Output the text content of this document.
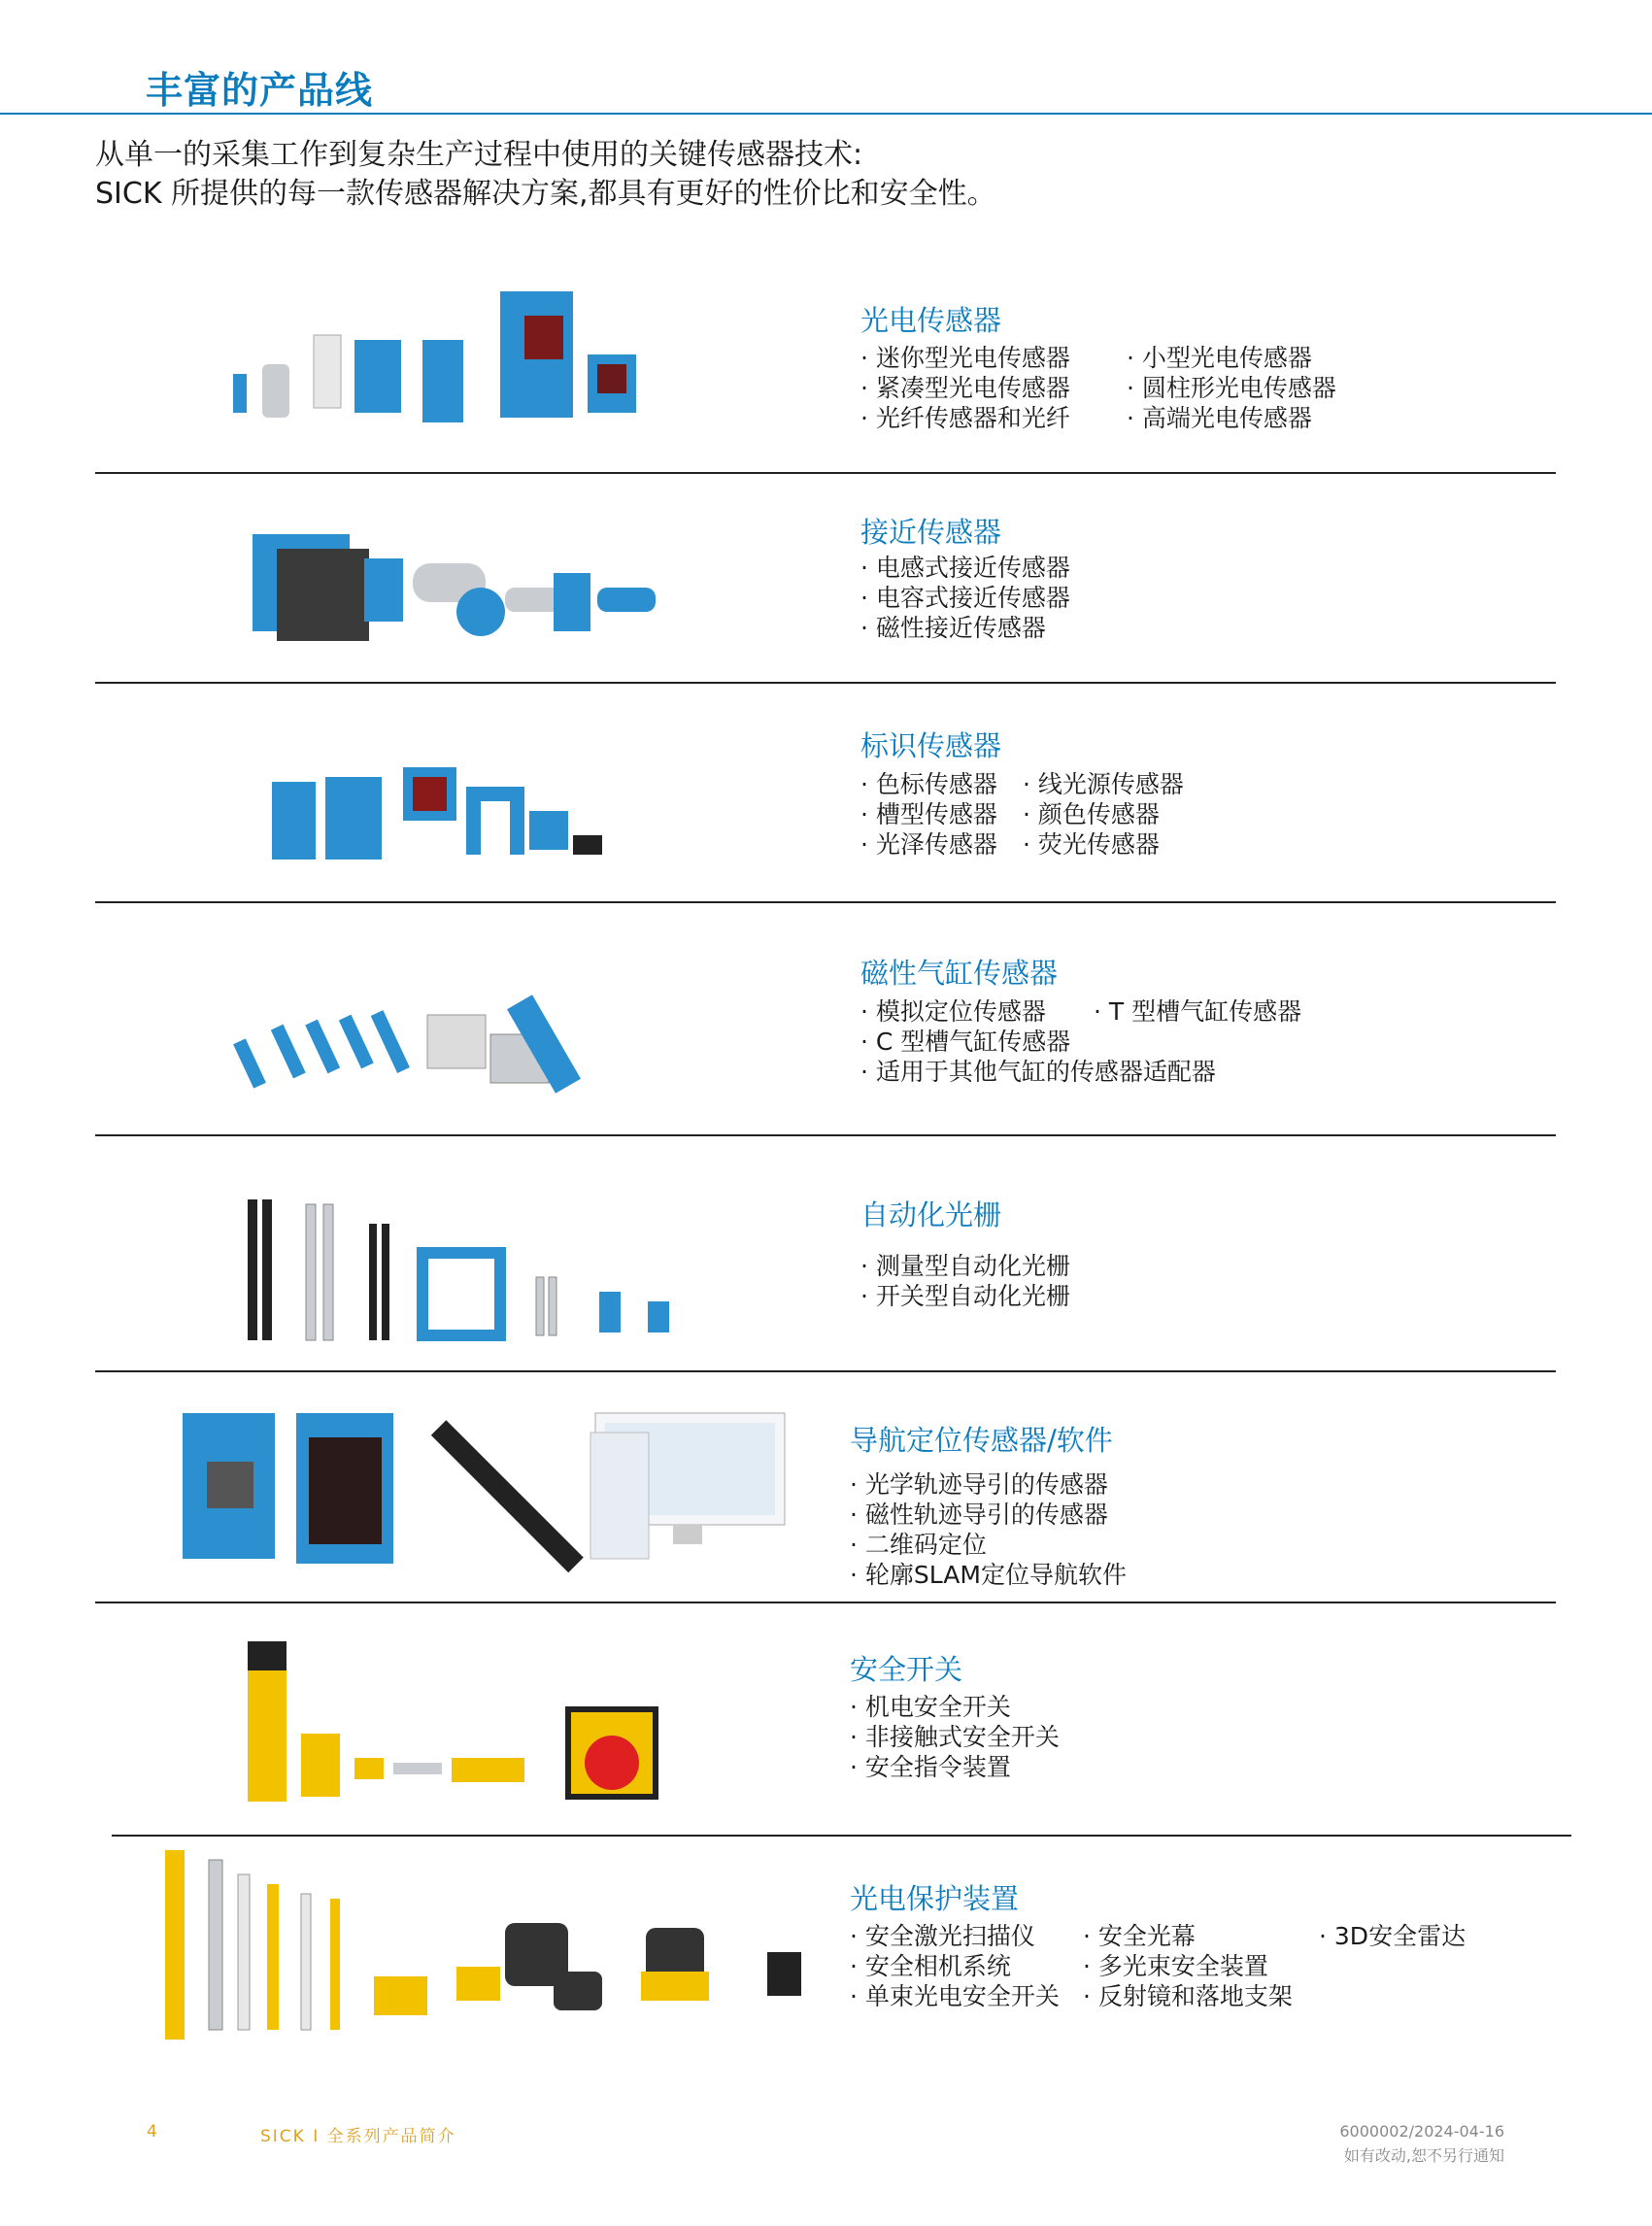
丰富的产品线
从单一的采集工作到复杂生产过程中使用的关键传感器技术:
SICK 所提供的每一款传感器解决方案,都具有更好的性价比和安全性。
光电传感器
· 迷你型光电传感器
· 紧凑型光电传感器
· 光纤传感器和光纤
· 小型光电传感器
· 圆柱形光电传感器
· 高端光电传感器
接近传感器
· 电感式接近传感器
· 电容式接近传感器
· 磁性接近传感器
标识传感器
· 色标传感器
· 槽型传感器
· 光泽传感器
· 线光源传感器
· 颜色传感器
· 荧光传感器
磁性气缸传感器
· 模拟定位传感器
· C 型槽气缸传感器
· 适用于其他气缸的传感器适配器
· T 型槽气缸传感器
自动化光栅
· 测量型自动化光栅
· 开关型自动化光栅
导航定位传感器/软件
· 光学轨迹导引的传感器
· 磁性轨迹导引的传感器
· 二维码定位
· 轮廓SLAM定位导航软件
安全开关
· 机电安全开关
· 非接触式安全开关
· 安全指令装置
光电保护装置
· 安全激光扫描仪
· 安全相机系统
· 单束光电安全开关
· 安全光幕
· 多光束安全装置
· 反射镜和落地支架
· 3D安全雷达
4	SICK I 全系列产品简介	6000002/2024-04-16
如有改动,恕不另行通知
